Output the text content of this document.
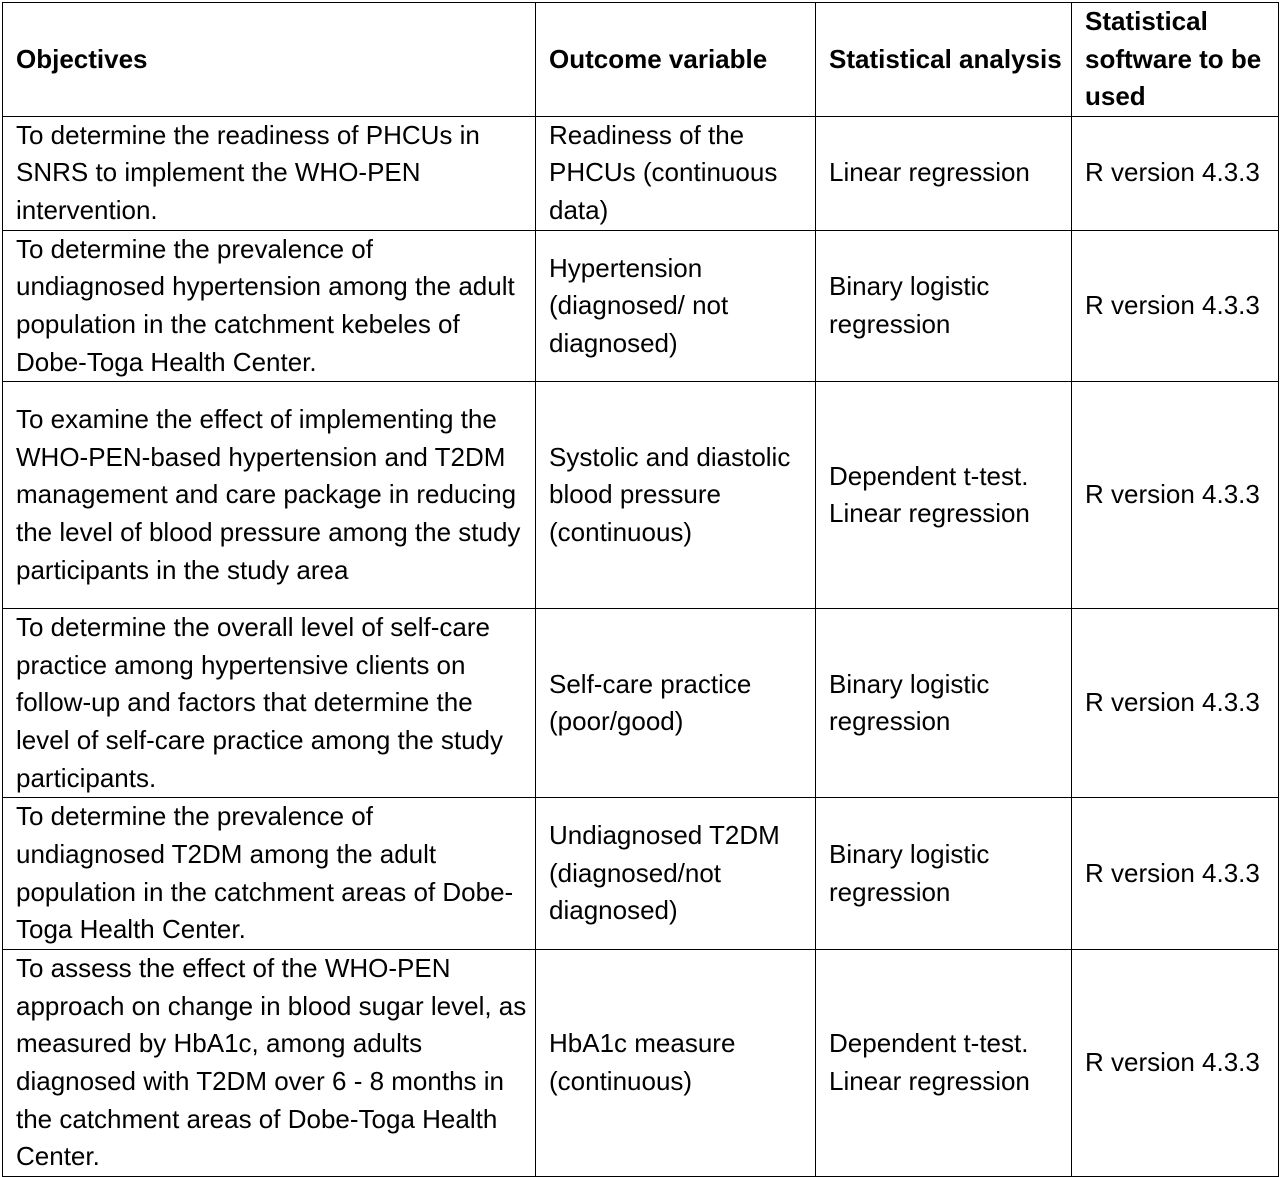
Objectives	Outcome variable	Statistical analysis	Statistical software to be used
To determine the readiness of PHCUs in SNRS to implement the WHO-PEN intervention.	Readiness of the PHCUs (continuous data)	Linear regression	R version 4.3.3
To determine the prevalence of undiagnosed hypertension among the adult population in the catchment kebeles of Dobe-Toga Health Center.	Hypertension (diagnosed/ not diagnosed)	Binary logistic regression	R version 4.3.3
To examine the effect of implementing the WHO-PEN-based hypertension and T2DM management and care package in reducing the level of blood pressure among the study participants in the study area	Systolic and diastolic blood pressure (continuous)	Dependent t-test. Linear regression	R version 4.3.3
To determine the overall level of self-care practice among hypertensive clients on follow-up and factors that determine the level of self-care practice among the study participants.	Self-care practice (poor/good)	Binary logistic regression	R version 4.3.3
To determine the prevalence of undiagnosed T2DM among the adult population in the catchment areas of Dobe-Toga Health Center.	Undiagnosed T2DM (diagnosed/not diagnosed)	Binary logistic regression	R version 4.3.3
To assess the effect of the WHO-PEN approach on change in blood sugar level, as measured by HbA1c, among adults diagnosed with T2DM over 6 - 8 months in the catchment areas of Dobe-Toga Health Center.	HbA1c measure (continuous)	Dependent t-test. Linear regression	R version 4.3.3
